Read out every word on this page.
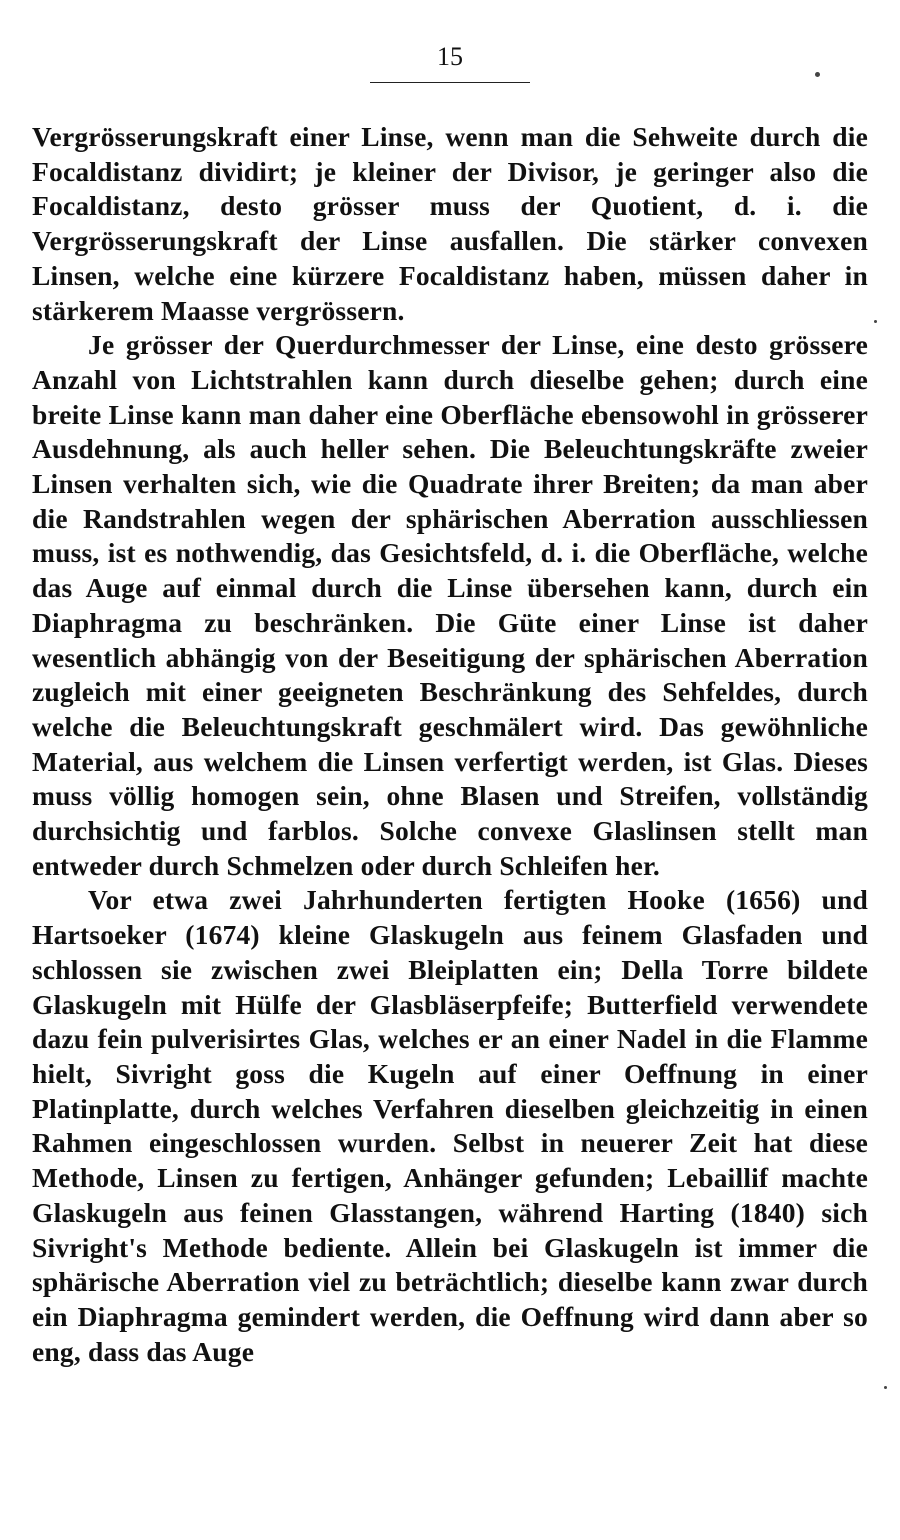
15

Vergrösserungskraft einer Linse, wenn man die Sehweite durch die Focaldistanz dividirt; je kleiner der Divisor, je geringer also die Focaldistanz, desto grösser muss der Quotient, d. i. die Vergrösserungskraft der Linse ausfallen. Die stärker convexen Linsen, welche eine kürzere Focaldistanz haben, müssen daher in stärkerem Maasse vergrössern.

Je grösser der Querdurchmesser der Linse, eine desto grössere Anzahl von Lichtstrahlen kann durch dieselbe gehen; durch eine breite Linse kann man daher eine Oberfläche ebensowohl in grösserer Ausdehnung, als auch heller sehen. Die Beleuchtungskräfte zweier Linsen verhalten sich, wie die Quadrate ihrer Breiten; da man aber die Randstrahlen wegen der sphärischen Aberration ausschliessen muss, ist es nothwendig, das Gesichtsfeld, d. i. die Oberfläche, welche das Auge auf einmal durch die Linse übersehen kann, durch ein Diaphragma zu beschränken. Die Güte einer Linse ist daher wesentlich abhängig von der Beseitigung der sphärischen Aberration zugleich mit einer geeigneten Beschränkung des Sehfeldes, durch welche die Beleuchtungskraft geschmälert wird. Das gewöhnliche Material, aus welchem die Linsen verfertigt werden, ist Glas. Dieses muss völlig homogen sein, ohne Blasen und Streifen, vollständig durchsichtig und farblos. Solche convexe Glaslinsen stellt man entweder durch Schmelzen oder durch Schleifen her.

Vor etwa zwei Jahrhunderten fertigten Hooke (1656) und Hartsoeker (1674) kleine Glaskugeln aus feinem Glasfaden und schlossen sie zwischen zwei Bleiplatten ein; Della Torre bildete Glaskugeln mit Hülfe der Glasbläserpfeife; Butterfield verwendete dazu fein pulverisirtes Glas, welches er an einer Nadel in die Flamme hielt, Sivright goss die Kugeln auf einer Oeffnung in einer Platinplatte, durch welches Verfahren dieselben gleichzeitig in einen Rahmen eingeschlossen wurden. Selbst in neuerer Zeit hat diese Methode, Linsen zu fertigen, Anhänger gefunden; Lebaillif machte Glaskugeln aus feinen Glasstangen, während Harting (1840) sich Sivright's Methode bediente. Allein bei Glaskugeln ist immer die sphärische Aberration viel zu beträchtlich; dieselbe kann zwar durch ein Diaphragma gemindert werden, die Oeffnung wird dann aber so eng, dass das Auge
